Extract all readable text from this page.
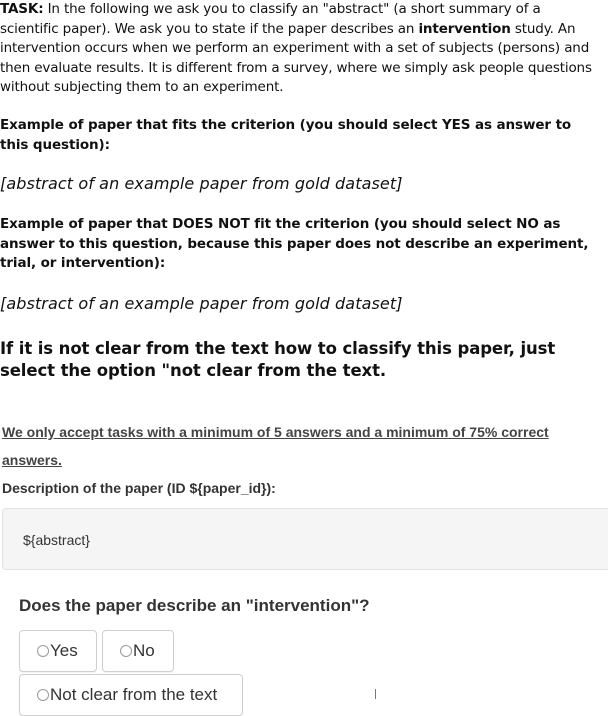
TASK: In the following we ask you to classify an "abstract" (a short summary of a scientific paper). We ask you to state if the paper describes an intervention study. An intervention occurs when we perform an experiment with a set of subjects (persons) and then evaluate results. It is different from a survey, where we simply ask people questions without subjecting them to an experiment.

Example of paper that fits the criterion (you should select YES as answer to this question):

[abstract of an example paper from gold dataset]

Example of paper that DOES NOT fit the criterion (you should select NO as answer to this question, because this paper does not describe an experiment, trial, or intervention):

[abstract of an example paper from gold dataset]

If it is not clear from the text how to classify this paper, just select the option "not clear from the text.

We only accept tasks with a minimum of 5 answers and a minimum of 75% correct answers.

Description of the paper (ID ${paper_id}):

${abstract}

Does the paper describe an "intervention"?

Yes	No
Not clear from the text
